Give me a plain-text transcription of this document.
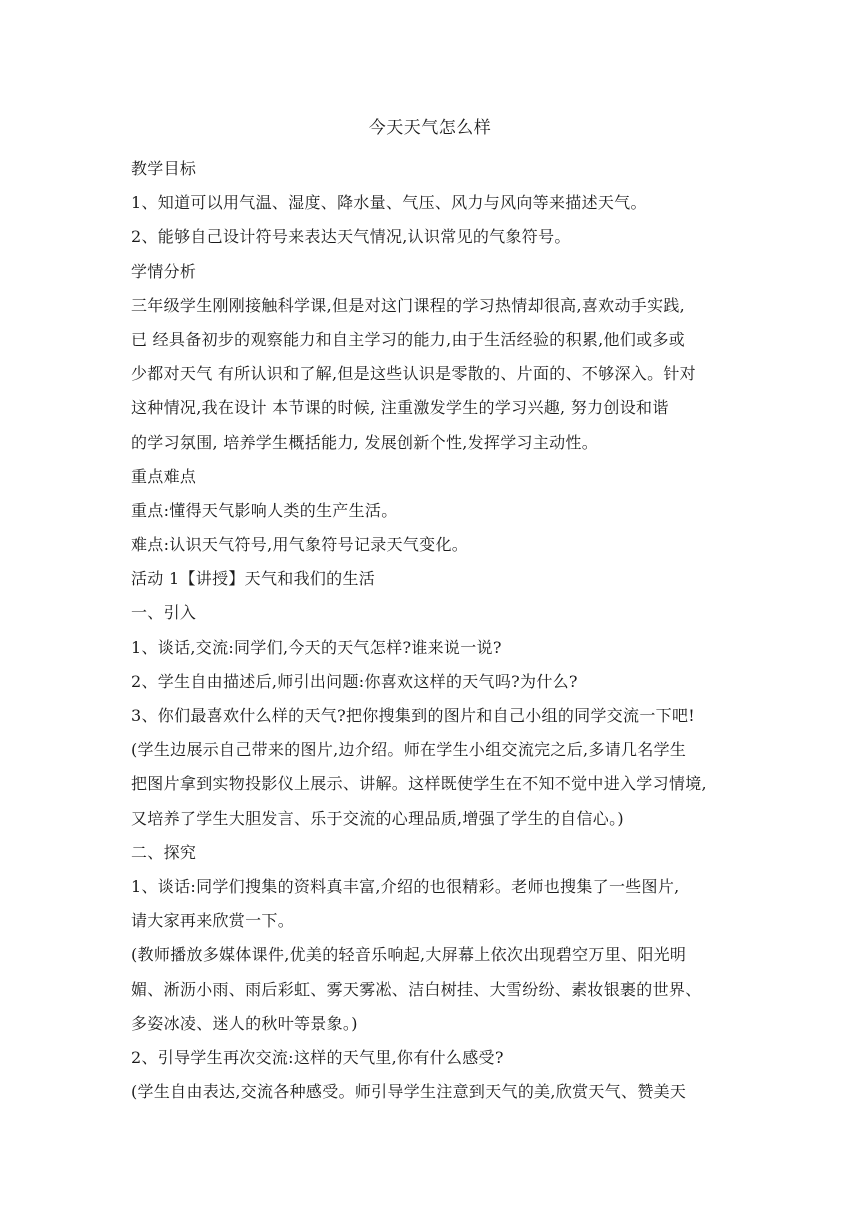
今天天气怎么样
教学目标
1、知道可以用气温、湿度、降水量、气压、风力与风向等来描述天气。
2、能够自己设计符号来表达天气情况,认识常见的气象符号。
学情分析
三年级学生刚刚接触科学课,但是对这门课程的学习热情却很高,喜欢动手实践,
已 经具备初步的观察能力和自主学习的能力,由于生活经验的积累,他们或多或
少都对天气 有所认识和了解,但是这些认识是零散的、片面的、不够深入。针对
这种情况,我在设计 本节课的时候, 注重激发学生的学习兴趣, 努力创设和谐
的学习氛围, 培养学生概括能力, 发展创新个性,发挥学习主动性。
重点难点
重点:懂得天气影响人类的生产生活。
难点:认识天气符号,用气象符号记录天气变化。
活动 1【讲授】天气和我们的生活
一、引入
1、谈话,交流:同学们,今天的天气怎样?谁来说一说?
2、学生自由描述后,师引出问题:你喜欢这样的天气吗?为什么?
3、你们最喜欢什么样的天气?把你搜集到的图片和自己小组的同学交流一下吧!
(学生边展示自己带来的图片,边介绍。师在学生小组交流完之后,多请几名学生
把图片拿到实物投影仪上展示、讲解。这样既使学生在不知不觉中进入学习情境,
又培养了学生大胆发言、乐于交流的心理品质,增强了学生的自信心。)
二、探究
1、谈话:同学们搜集的资料真丰富,介绍的也很精彩。老师也搜集了一些图片,
请大家再来欣赏一下。
(教师播放多媒体课件,优美的轻音乐响起,大屏幕上依次出现碧空万里、阳光明
媚、淅沥小雨、雨后彩虹、雾天雾凇、洁白树挂、大雪纷纷、素妆银裹的世界、
多姿冰凌、迷人的秋叶等景象。)
2、引导学生再次交流:这样的天气里,你有什么感受?
(学生自由表达,交流各种感受。师引导学生注意到天气的美,欣赏天气、赞美天
